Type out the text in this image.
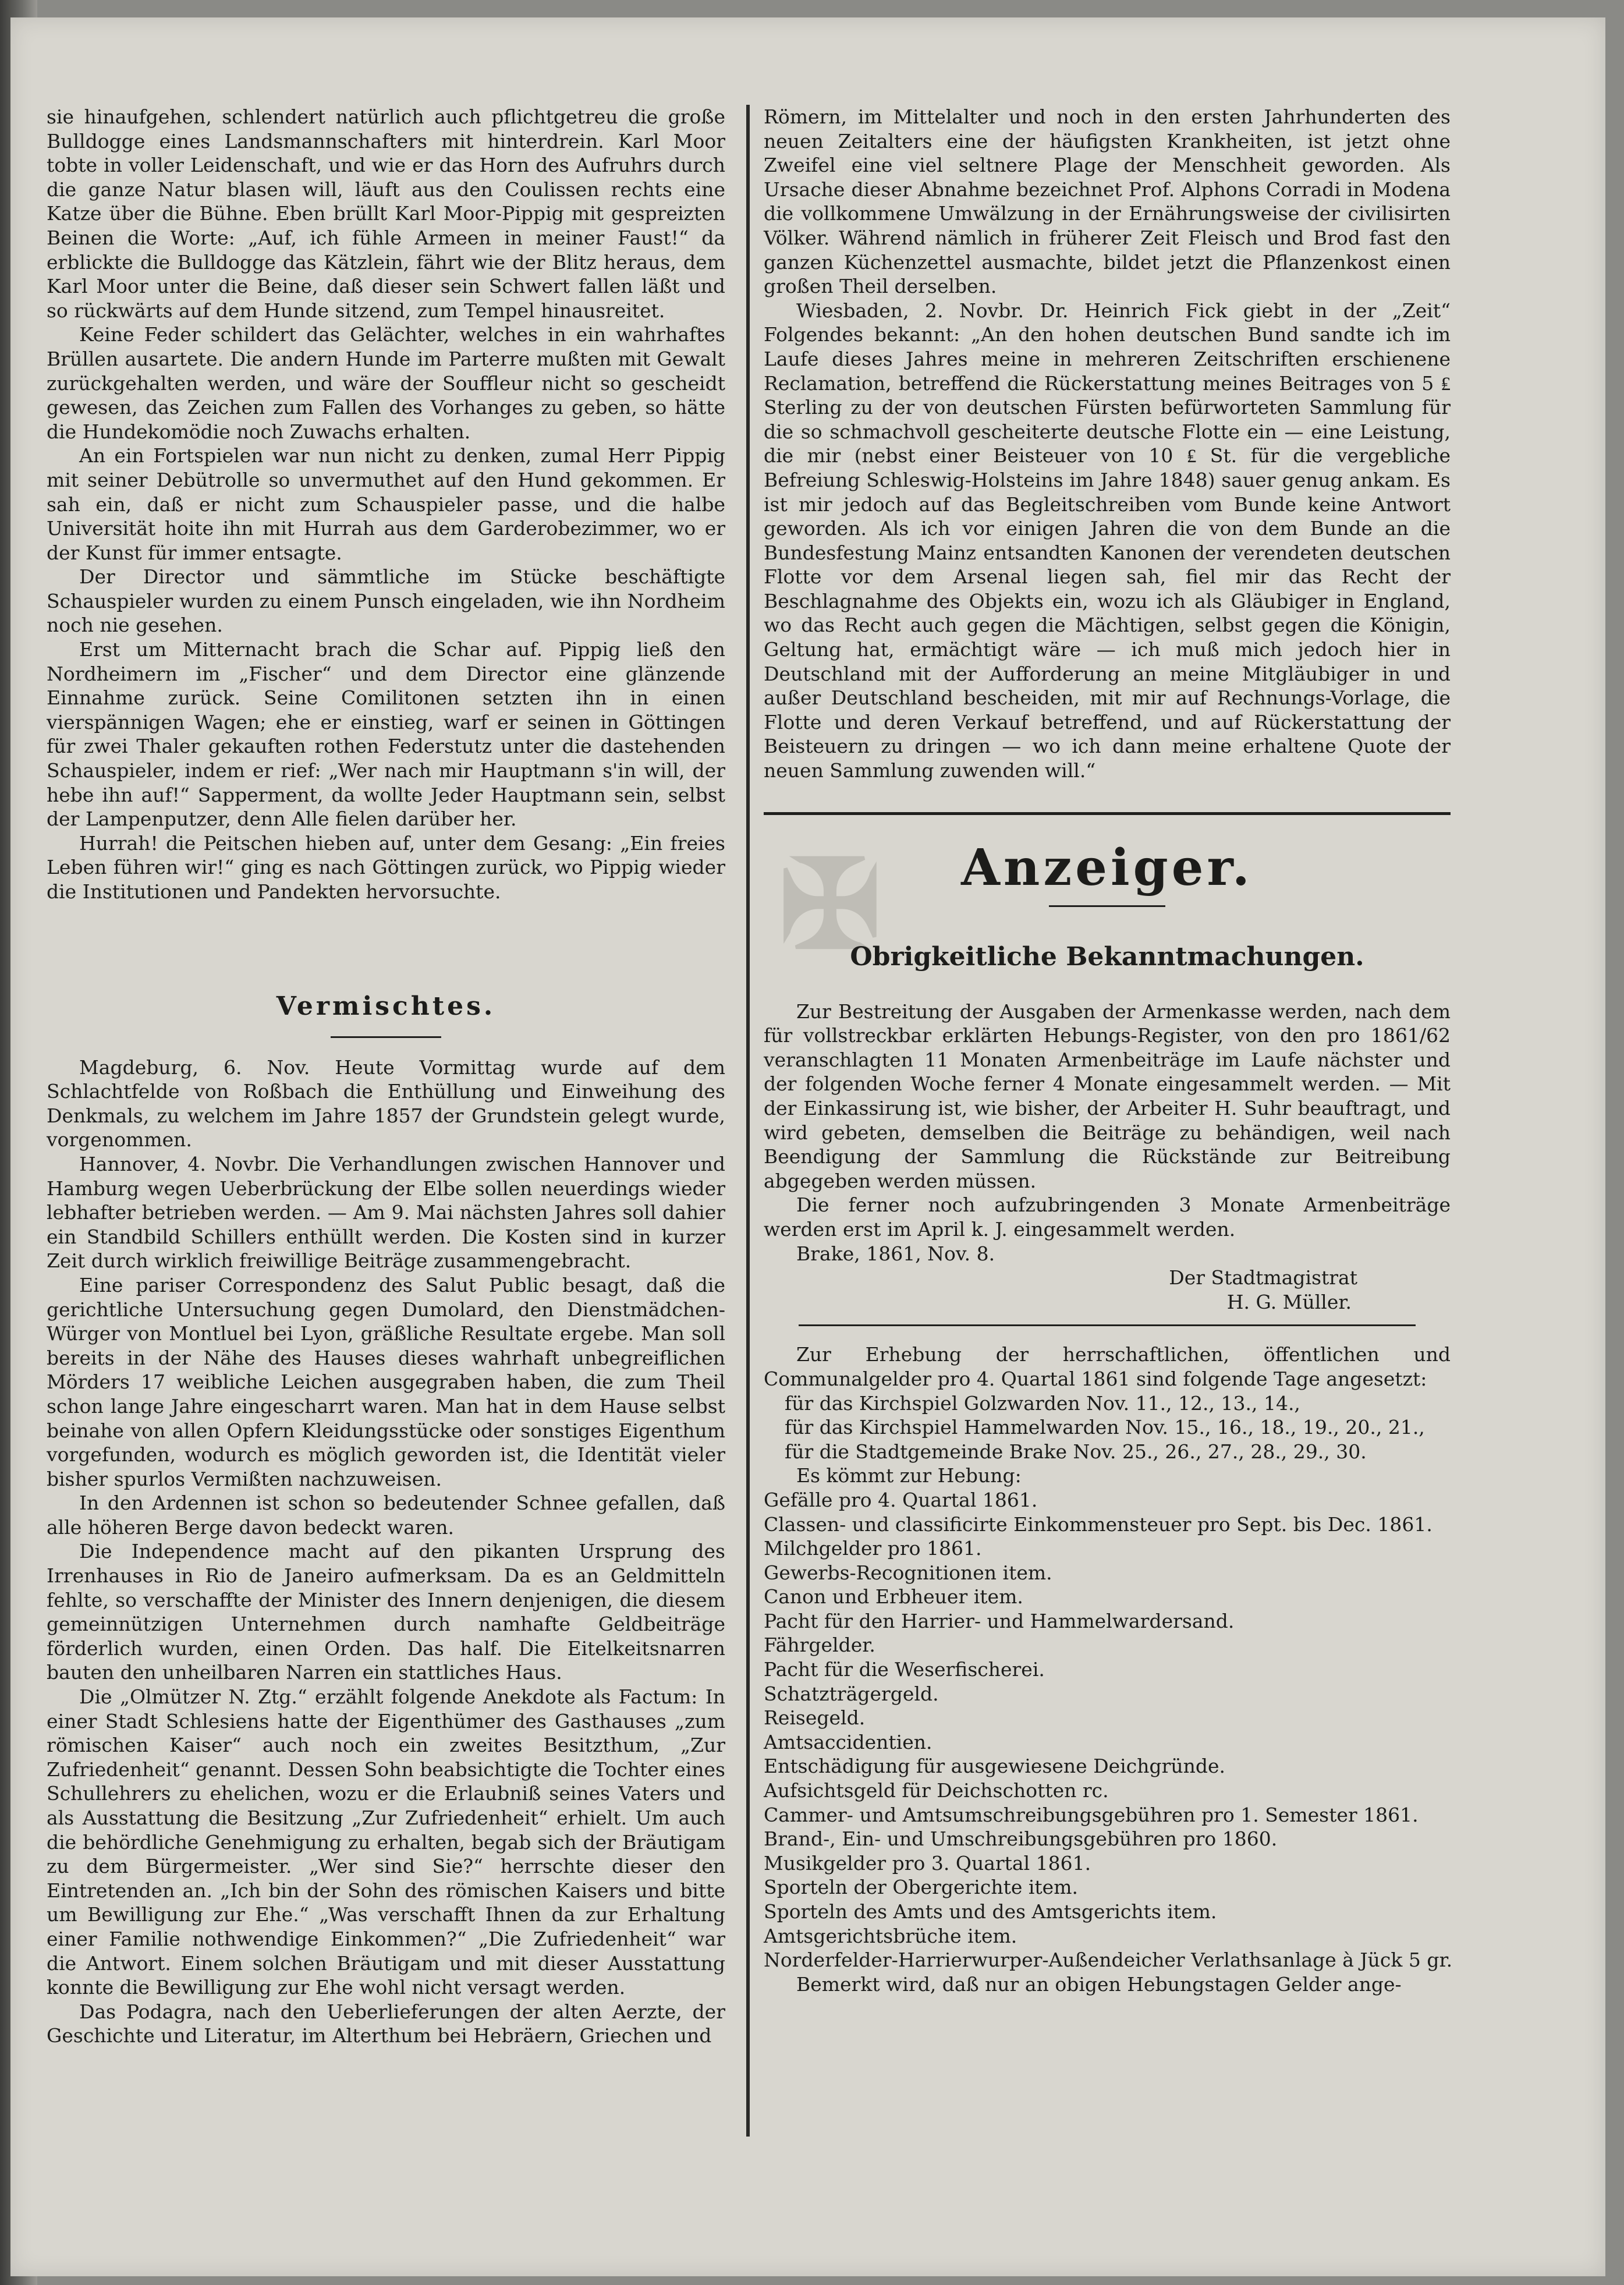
✠

sie hinaufgehen, schlendert natürlich auch pflichtgetreu die große Bulldogge eines Landsmannschafters mit hinterdrein. Karl Moor tobte in voller Leidenschaft, und wie er das Horn des Aufruhrs durch die ganze Natur blasen will, läuft aus den Coulissen rechts eine Katze über die Bühne. Eben brüllt Karl Moor-Pippig mit gespreizten Beinen die Worte: „Auf, ich fühle Armeen in meiner Faust!“ da erblickte die Bulldogge das Kätzlein, fährt wie der Blitz heraus, dem Karl Moor unter die Beine, daß dieser sein Schwert fallen läßt und so rückwärts auf dem Hunde sitzend, zum Tempel hinausreitet.

Keine Feder schildert das Gelächter, welches in ein wahrhaftes Brüllen ausartete. Die andern Hunde im Parterre mußten mit Gewalt zurückgehalten werden, und wäre der Souffleur nicht so gescheidt gewesen, das Zeichen zum Fallen des Vorhanges zu geben, so hätte die Hundekomödie noch Zuwachs erhalten.

An ein Fortspielen war nun nicht zu denken, zumal Herr Pippig mit seiner Debütrolle so unvermuthet auf den Hund gekommen. Er sah ein, daß er nicht zum Schauspieler passe, und die halbe Universität hoite ihn mit Hurrah aus dem Garderobezimmer, wo er der Kunst für immer entsagte.

Der Director und sämmtliche im Stücke beschäftigte Schauspieler wurden zu einem Punsch eingeladen, wie ihn Nordheim noch nie gesehen.

Erst um Mitternacht brach die Schar auf. Pippig ließ den Nordheimern im „Fischer“ und dem Director eine glänzende Einnahme zurück. Seine Comilitonen setzten ihn in einen vierspännigen Wagen; ehe er einstieg, warf er seinen in Göttingen für zwei Thaler gekauften rothen Federstutz unter die dastehenden Schauspieler, indem er rief: „Wer nach mir Hauptmann s'in will, der hebe ihn auf!“ Sapperment, da wollte Jeder Hauptmann sein, selbst der Lampenputzer, denn Alle fielen darüber her.

Hurrah! die Peitschen hieben auf, unter dem Gesang: „Ein freies Leben führen wir!“ ging es nach Göttingen zurück, wo Pippig wieder die Institutionen und Pandekten hervorsuchte.

Vermischtes.

Magdeburg, 6. Nov. Heute Vormittag wurde auf dem Schlachtfelde von Roßbach die Enthüllung und Einweihung des Denkmals, zu welchem im Jahre 1857 der Grundstein gelegt wurde, vorgenommen.

Hannover, 4. Novbr. Die Verhandlungen zwischen Hannover und Hamburg wegen Ueberbrückung der Elbe sollen neuerdings wieder lebhafter betrieben werden. — Am 9. Mai nächsten Jahres soll dahier ein Standbild Schillers enthüllt werden. Die Kosten sind in kurzer Zeit durch wirklich freiwillige Beiträge zusammengebracht.

Eine pariser Correspondenz des Salut Public besagt, daß die gerichtliche Untersuchung gegen Dumolard, den Dienstmädchen-Würger von Montluel bei Lyon, gräßliche Resultate ergebe. Man soll bereits in der Nähe des Hauses dieses wahrhaft unbegreiflichen Mörders 17 weibliche Leichen ausgegraben haben, die zum Theil schon lange Jahre eingescharrt waren. Man hat in dem Hause selbst beinahe von allen Opfern Kleidungsstücke oder sonstiges Eigenthum vorgefunden, wodurch es möglich geworden ist, die Identität vieler bisher spurlos Vermißten nachzuweisen.

In den Ardennen ist schon so bedeutender Schnee gefallen, daß alle höheren Berge davon bedeckt waren.

Die Independence macht auf den pikanten Ursprung des Irrenhauses in Rio de Janeiro aufmerksam. Da es an Geldmitteln fehlte, so verschaffte der Minister des Innern denjenigen, die diesem gemeinnützigen Unternehmen durch namhafte Geldbeiträge förderlich wurden, einen Orden. Das half. Die Eitelkeitsnarren bauten den unheilbaren Narren ein stattliches Haus.

Die „Olmützer N. Ztg.“ erzählt folgende Anekdote als Factum: In einer Stadt Schlesiens hatte der Eigenthümer des Gasthauses „zum römischen Kaiser“ auch noch ein zweites Besitzthum, „Zur Zufriedenheit“ genannt. Dessen Sohn beabsichtigte die Tochter eines Schullehrers zu ehelichen, wozu er die Erlaubniß seines Vaters und als Ausstattung die Besitzung „Zur Zufriedenheit“ erhielt. Um auch die behördliche Genehmigung zu erhalten, begab sich der Bräutigam zu dem Bürgermeister. „Wer sind Sie?“ herrschte dieser den Eintretenden an. „Ich bin der Sohn des römischen Kaisers und bitte um Bewilligung zur Ehe.“ „Was verschafft Ihnen da zur Erhaltung einer Familie nothwendige Einkommen?“ „Die Zufriedenheit“ war die Antwort. Einem solchen Bräutigam und mit dieser Ausstattung konnte die Bewilligung zur Ehe wohl nicht versagt werden.

Das Podagra, nach den Ueberlieferungen der alten Aerzte, der Geschichte und Literatur, im Alterthum bei Hebräern, Griechen und

Römern, im Mittelalter und noch in den ersten Jahrhunderten des neuen Zeitalters eine der häufigsten Krankheiten, ist jetzt ohne Zweifel eine viel seltnere Plage der Menschheit geworden. Als Ursache dieser Abnahme bezeichnet Prof. Alphons Corradi in Modena die vollkommene Umwälzung in der Ernährungsweise der civilisirten Völker. Während nämlich in früherer Zeit Fleisch und Brod fast den ganzen Küchenzettel ausmachte, bildet jetzt die Pflanzenkost einen großen Theil derselben.

Wiesbaden, 2. Novbr. Dr. Heinrich Fick giebt in der „Zeit“ Folgendes bekannt: „An den hohen deutschen Bund sandte ich im Laufe dieses Jahres meine in mehreren Zeitschriften erschienene Reclamation, betreffend die Rückerstattung meines Beitrages von 5 ₤ Sterling zu der von deutschen Fürsten befürworteten Sammlung für die so schmachvoll gescheiterte deutsche Flotte ein — eine Leistung, die mir (nebst einer Beisteuer von 10 ₤ St. für die vergebliche Befreiung Schleswig-Holsteins im Jahre 1848) sauer genug ankam. Es ist mir jedoch auf das Begleitschreiben vom Bunde keine Antwort geworden. Als ich vor einigen Jahren die von dem Bunde an die Bundesfestung Mainz entsandten Kanonen der verendeten deutschen Flotte vor dem Arsenal liegen sah, fiel mir das Recht der Beschlagnahme des Objekts ein, wozu ich als Gläubiger in England, wo das Recht auch gegen die Mächtigen, selbst gegen die Königin, Geltung hat, ermächtigt wäre — ich muß mich jedoch hier in Deutschland mit der Aufforderung an meine Mitgläubiger in und außer Deutschland bescheiden, mit mir auf Rechnungs-Vorlage, die Flotte und deren Verkauf betreffend, und auf Rückerstattung der Beisteuern zu dringen — wo ich dann meine erhaltene Quote der neuen Sammlung zuwenden will.“

Anzeiger.
Obrigkeitliche Bekanntmachungen.

Zur Bestreitung der Ausgaben der Armenkasse werden, nach dem für vollstreckbar erklärten Hebungs-Register, von den pro 1861/62 veranschlagten 11 Monaten Armenbeiträge im Laufe nächster und der folgenden Woche ferner 4 Monate eingesammelt werden. — Mit der Einkassirung ist, wie bisher, der Arbeiter H. Suhr beauftragt, und wird gebeten, demselben die Beiträge zu behändigen, weil nach Beendigung der Sammlung die Rückstände zur Beitreibung abgegeben werden müssen.

Die ferner noch aufzubringenden 3 Monate Armenbeiträge werden erst im April k. J. eingesammelt werden.

Brake, 1861, Nov. 8.

Der Stadtmagistrat
H. G. Müller.

Zur Erhebung der herrschaftlichen, öffentlichen und Communalgelder pro 4. Quartal 1861 sind folgende Tage angesetzt:

für das Kirchspiel Golzwarden Nov. 11., 12., 13., 14.,
für das Kirchspiel Hammelwarden Nov. 15., 16., 18., 19., 20., 21.,
für die Stadtgemeinde Brake Nov. 25., 26., 27., 28., 29., 30.
Es kömmt zur Hebung:
Gefälle pro 4. Quartal 1861.
Classen- und classificirte Einkommensteuer pro Sept. bis Dec. 1861.
Milchgelder pro 1861.
Gewerbs-Recognitionen item.
Canon und Erbheuer item.
Pacht für den Harrier- und Hammelwardersand.
Fährgelder.
Pacht für die Weserfischerei.
Schatzträgergeld.
Reisegeld.
Amtsaccidentien.
Entschädigung für ausgewiesene Deichgründe.
Aufsichtsgeld für Deichschotten rc.
Cammer- und Amtsumschreibungsgebühren pro 1. Semester 1861.
Brand-, Ein- und Umschreibungsgebühren pro 1860.
Musikgelder pro 3. Quartal 1861.
Sporteln der Obergerichte item.
Sporteln des Amts und des Amtsgerichts item.
Amtsgerichtsbrüche item.
Norderfelder-Harrierwurper-Außendeicher Verlathsanlage à Jück 5 gr.

Bemerkt wird, daß nur an obigen Hebungstagen Gelder ange-
